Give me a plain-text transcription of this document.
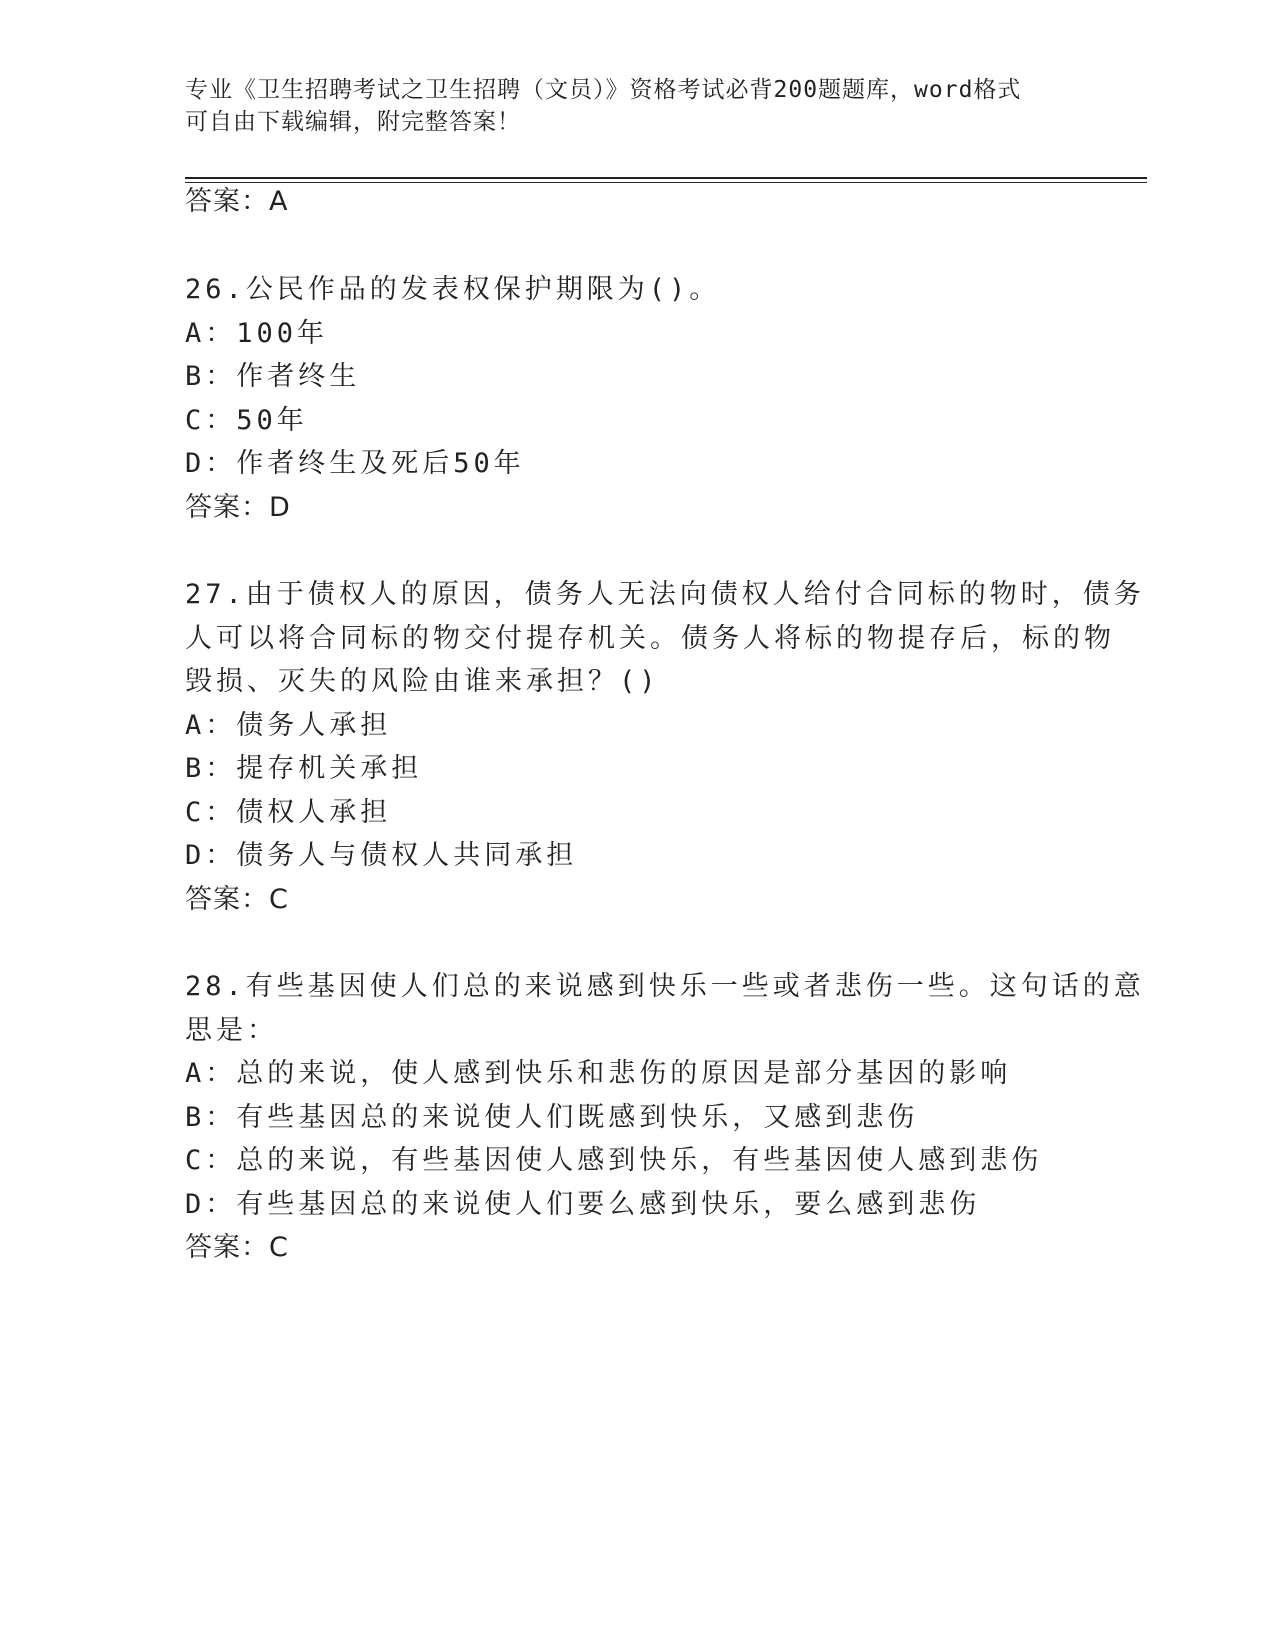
专业《卫生招聘考试之卫生招聘（文员）》资格考试必背200题题库，word格式
可自由下载编辑，附完整答案！
答案：A
26.公民作品的发表权保护期限为()。
A：100年
B：作者终生
C：50年
D：作者终生及死后50年
答案：D
27.由于债权人的原因，债务人无法向债权人给付合同标的物时，债务
人可以将合同标的物交付提存机关。债务人将标的物提存后，标的物
毁损、灭失的风险由谁来承担？()
A：债务人承担
B：提存机关承担
C：债权人承担
D：债务人与债权人共同承担
答案：C
28.有些基因使人们总的来说感到快乐一些或者悲伤一些。这句话的意
思是：
A：总的来说，使人感到快乐和悲伤的原因是部分基因的影响
B：有些基因总的来说使人们既感到快乐，又感到悲伤
C：总的来说，有些基因使人感到快乐，有些基因使人感到悲伤
D：有些基因总的来说使人们要么感到快乐，要么感到悲伤
答案：C
